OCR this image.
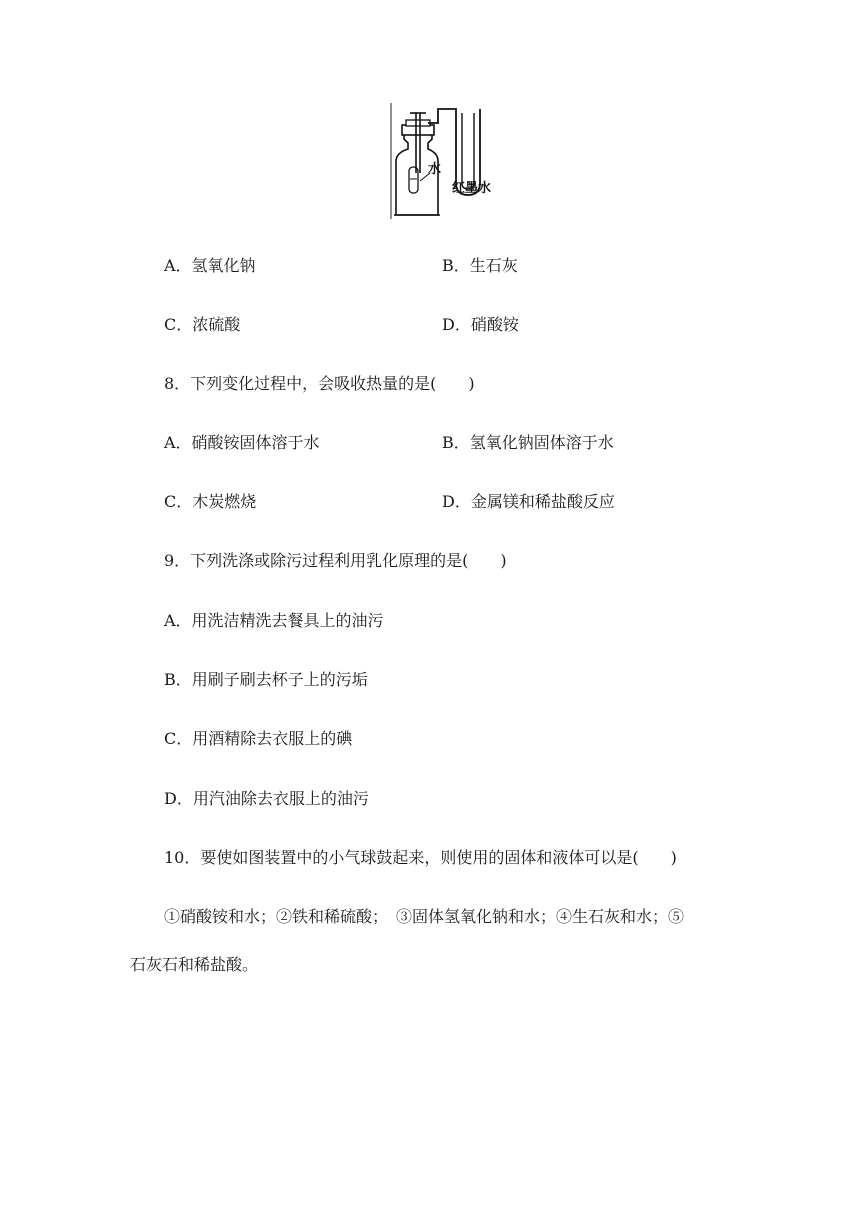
水
红墨水
A．氢氧化钠	B．生石灰
C．浓硫酸	D．硝酸铵
8．下列变化过程中，会吸收热量的是(　　)
A．硝酸铵固体溶于水	B．氢氧化钠固体溶于水
C．木炭燃烧	D．金属镁和稀盐酸反应
9．下列洗涤或除污过程利用乳化原理的是(　　)
A．用洗洁精洗去餐具上的油污
B．用刷子刷去杯子上的污垢
C．用酒精除去衣服上的碘
D．用汽油除去衣服上的油污
10．要使如图装置中的小气球鼓起来，则使用的固体和液体可以是(　　)
①硝酸铵和水；②铁和稀硫酸；　③固体氢氧化钠和水；④生石灰和水；⑤
石灰石和稀盐酸。
